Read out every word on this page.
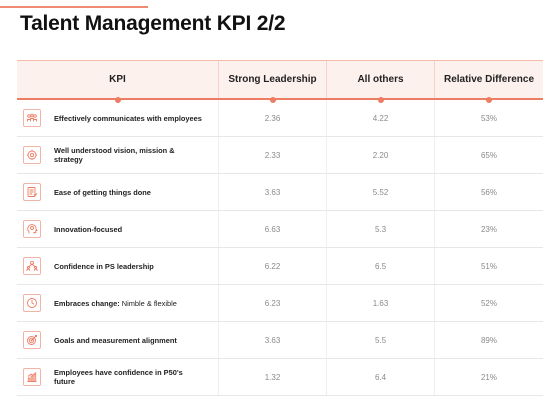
Talent Management KPI 2/2
KPI	Strong Leadership	All others	Relative Difference
Effectively communicates with employees	2.36	4.22	53%
Well understood vision, mission & strategy	2.33	2.20	65%
Ease of getting things done	3.63	5.52	56%
Innovation-focused	6.63	5.3	23%
Confidence in PS leadership	6.22	6.5	51%
Embraces change: Nimble & flexible	6.23	1.63	52%
Goals and measurement alignment	3.63	5.5	89%
Employees have confidence in P50's future	1.32	6.4	21%
